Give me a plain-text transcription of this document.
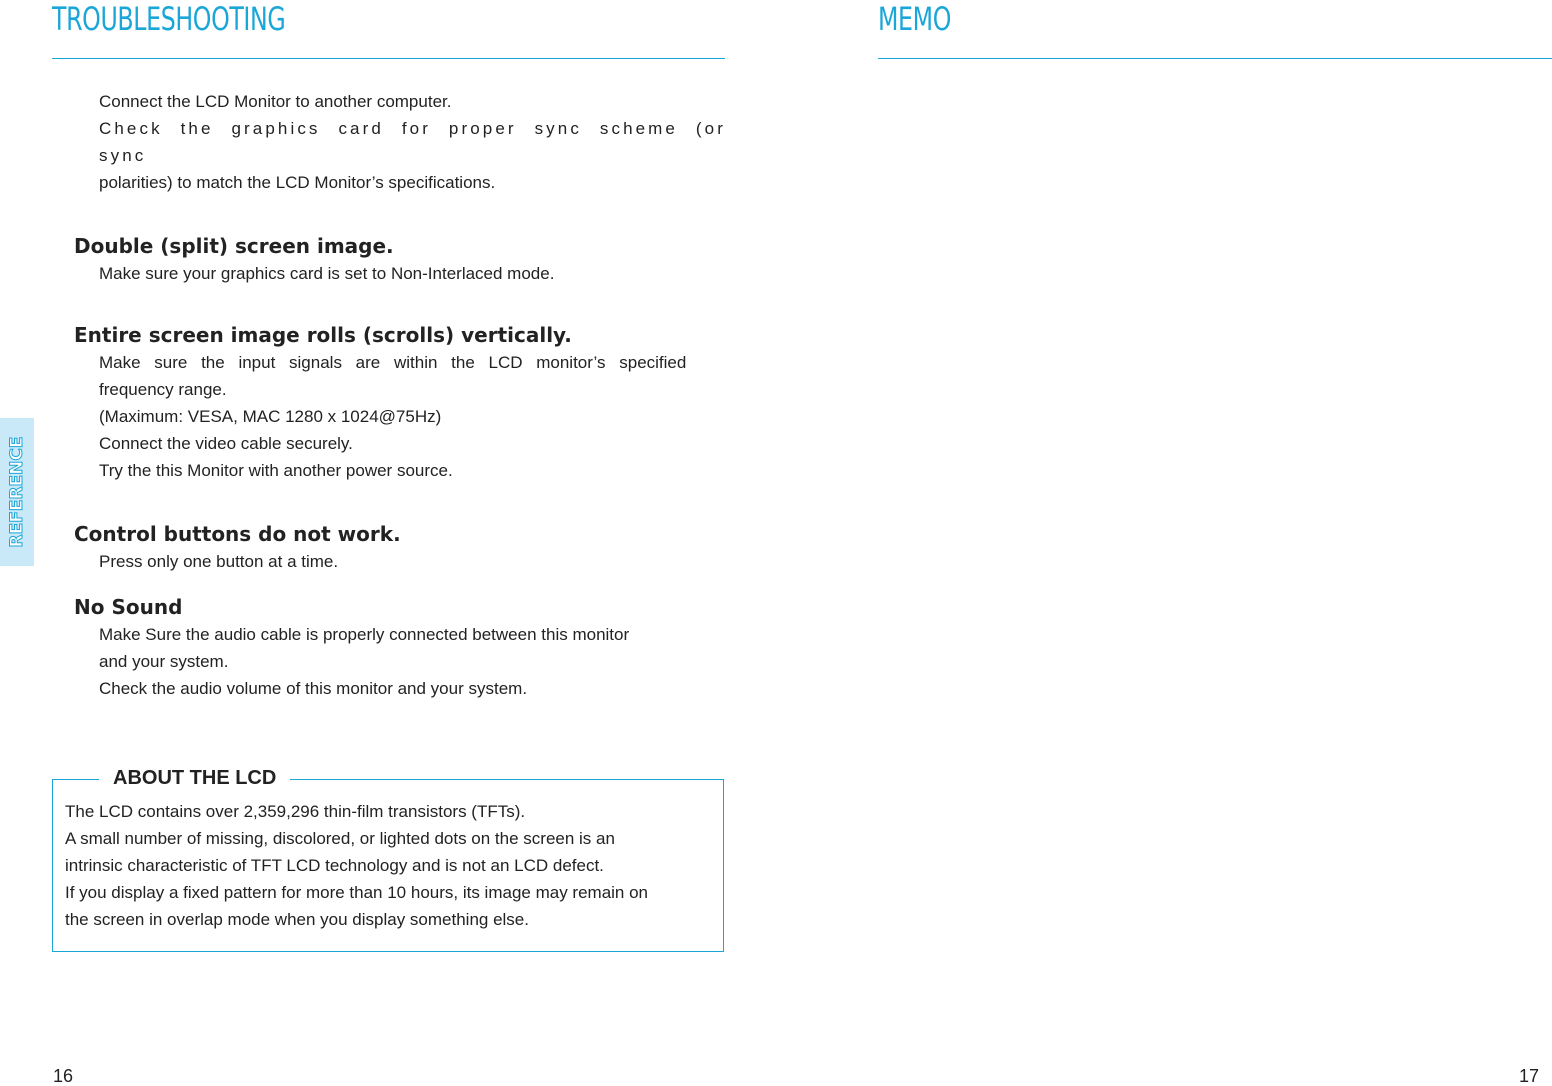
TROUBLESHOOTING	MEMO
REFERENCE

Connect the LCD Monitor to another computer.

Check the graphics card for proper sync scheme (or sync

polarities) to match the LCD Monitor’s specifications.

Double (split) screen image.

Make sure your graphics card is set to Non-Interlaced mode.

Entire screen image rolls (scrolls) vertically.

Make sure the input signals are within the LCD monitor’s specified

frequency range.

(Maximum: VESA, MAC 1280 x 1024@75Hz)

Connect the video cable securely.

Try the this Monitor with another power source.

Control buttons do not work.

Press only one button at a time.

No Sound

Make Sure the audio cable is properly connected between this monitor

and your system.

Check the audio volume of this monitor and your system.

ABOUT THE LCD

The LCD contains over 2,359,296 thin-film transistors (TFTs).

A small number of missing, discolored, or lighted dots on the screen is an

intrinsic characteristic of TFT LCD technology and is not an LCD defect.

If you display a fixed pattern for more than 10 hours, its image may remain on

the screen in overlap mode when you display something else.

16	17
